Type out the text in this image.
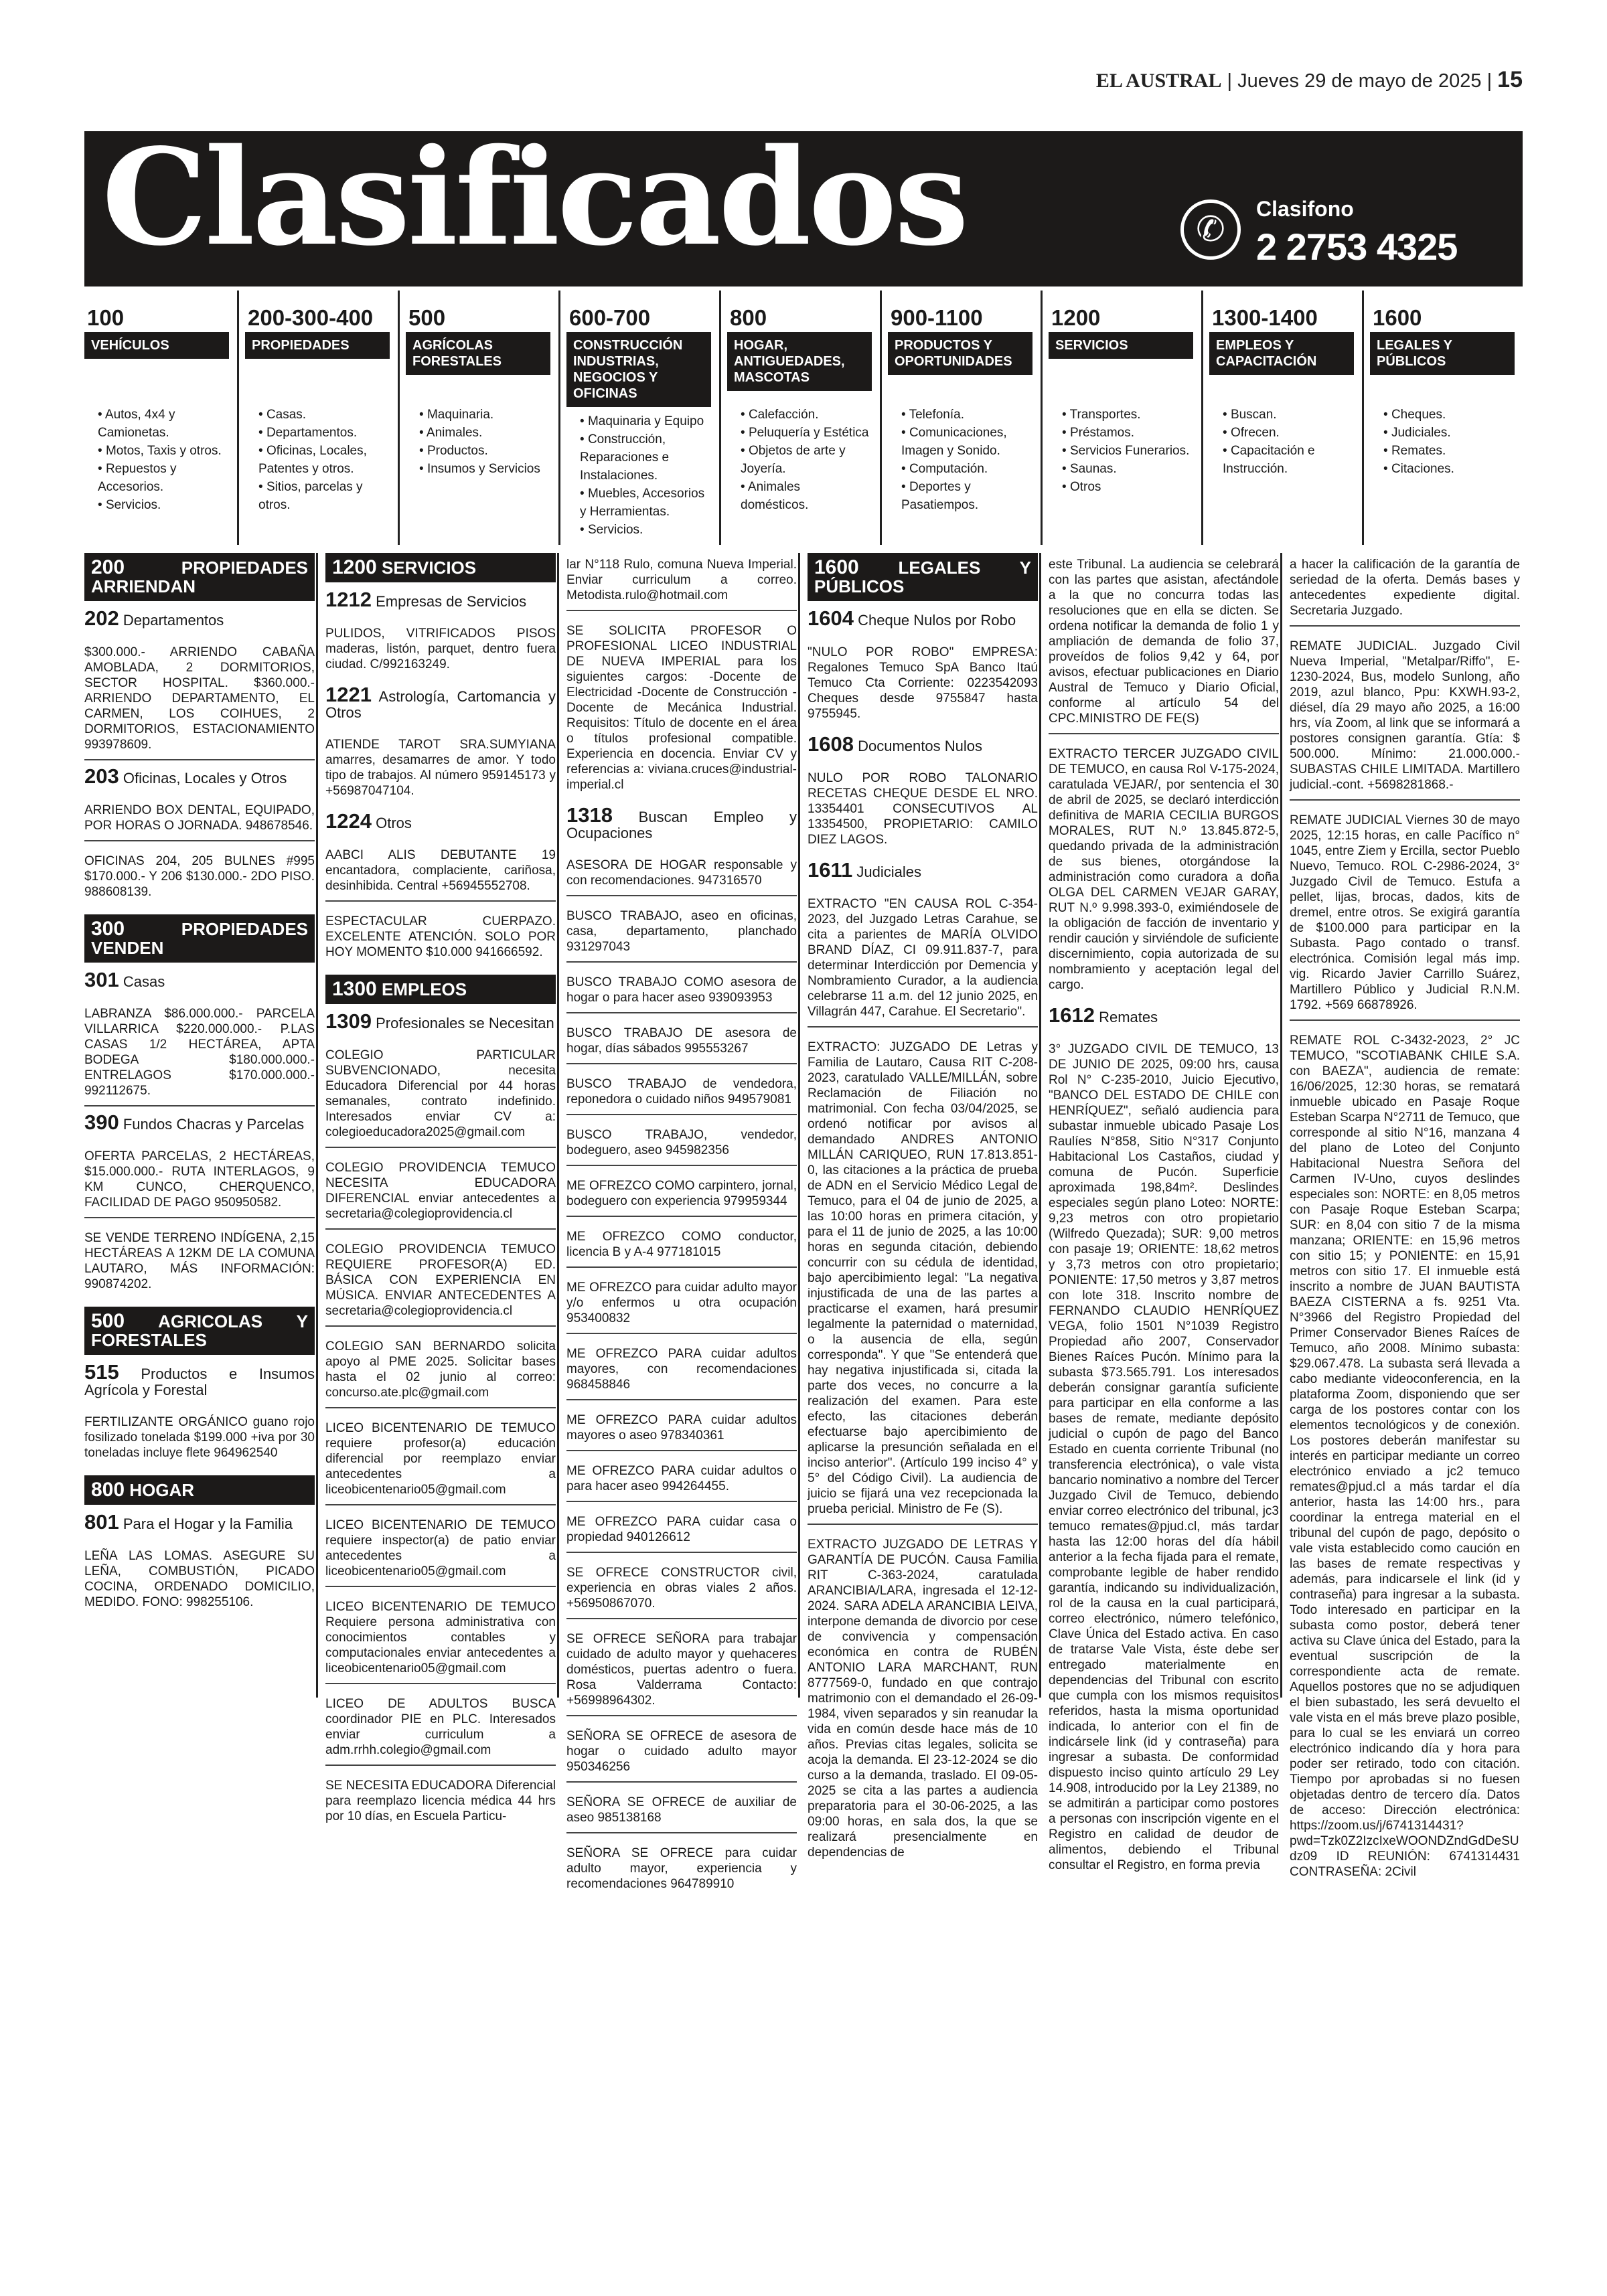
EL AUSTRAL | Jueves 29 de mayo de 2025 | 15
Clasificados	✆
Clasifono
2 2753 4325
100
VEHÍCULOS
• Autos, 4x4 y Camionetas.
• Motos, Taxis y otros.
• Repuestos y Accesorios.
• Servicios.
200-300-400
PROPIEDADES
• Casas.
• Departamentos.
• Oficinas, Locales, Patentes y otros.
• Sitios, parcelas y otros.
500
AGRÍCOLAS FORESTALES
• Maquinaria.
• Animales.
• Productos.
• Insumos y Servicios
600-700
CONSTRUCCIÓN INDUSTRIAS, NEGOCIOS Y OFICINAS
• Maquinaria y Equipo
• Construcción, Reparaciones e Instalaciones.
• Muebles, Accesorios y Herramientas.
• Servicios.
800
HOGAR, ANTIGUEDADES, MASCOTAS
• Calefacción.
• Peluquería y Estética
• Objetos de arte y Joyería.
• Animales domésticos.
900-1100
PRODUCTOS Y OPORTUNIDADES
• Telefonía.
• Comunicaciones, Imagen y Sonido.
• Computación.
• Deportes y Pasatiempos.
1200
SERVICIOS
• Transportes.
• Préstamos.
• Servicios Funerarios.
• Saunas.
• Otros
1300-1400
EMPLEOS Y CAPACITACIÓN
• Buscan.
• Ofrecen.
• Capacitación e Instrucción.
1600
LEGALES Y PÚBLICOS
• Cheques.
• Judiciales.
• Remates.
• Citaciones.
200	PROPIEDADES ARRIENDAN
202 Departamentos
$300.000.- ARRIENDO CABAÑA AMOBLADA, 2 DORMITORIOS, SECTOR HOSPITAL. $360.000.- ARRIENDO DEPARTAMENTO, EL CARMEN, LOS COIHUES, 2 DORMITORIOS, ESTACIONAMIENTO 993978609.
203 Oficinas, Locales y Otros
ARRIENDO BOX DENTAL, EQUIPADO, POR HORAS O JORNADA. 948678546.
OFICINAS 204, 205 BULNES #995 $170.000.- Y 206 $130.000.- 2DO PISO. 988608139.
300	PROPIEDADES VENDEN
301 Casas
LABRANZA $86.000.000.- PARCELA VILLARRICA $220.000.000.- P.LAS CASAS 1/2 HECTÁREA, APTA BODEGA $180.000.000.- ENTRELAGOS $170.000.000.- 992112675.
390 Fundos Chacras y Parcelas
OFERTA PARCELAS, 2 HECTÁREAS, $15.000.000.- RUTA INTERLAGOS, 9 KM CUNCO, CHERQUENCO, FACILIDAD DE PAGO 950950582.
SE VENDE TERRENO INDÍGENA, 2,15 HECTÁREAS A 12KM DE LA COMUNA LAUTARO, MÁS INFORMACIÓN: 990874202.
500 AGRICOLAS Y FORESTALES
515 Productos e Insumos Agrícola y Forestal
FERTILIZANTE ORGÁNICO guano rojo fosilizado tonelada $199.000 +iva por 30 toneladas incluye flete 964962540
800 HOGAR
801 Para el Hogar y la Familia
LEÑA LAS LOMAS. ASEGURE SU LEÑA, COMBUSTIÓN, PICADO COCINA, ORDENADO DOMICILIO, MEDIDO. FONO: 998255106.
1200 SERVICIOS
1212 Empresas de Servicios
PULIDOS, VITRIFICADOS PISOS maderas, listón, parquet, dentro fuera ciudad. C/992163249.
1221 Astrología, Cartomancia y Otros
ATIENDE TAROT SRA.SUMYIANA amarres, desamarres de amor. Y todo tipo de trabajos. Al número 959145173 y +56987047104.
1224 Otros
AABCI ALIS DEBUTANTE 19 encantadora, complaciente, cariñosa, desinhibida. Central +56945552708.
ESPECTACULAR CUERPAZO. EXCELENTE ATENCIÓN. SOLO POR HOY MOMENTO $10.000 941666592.
1300 EMPLEOS
1309 Profesionales se Necesitan
COLEGIO PARTICULAR SUBVENCIONADO, necesita Educadora Diferencial por 44 horas semanales, contrato indefinido. Interesados enviar CV a: colegioeducadora2025@gmail.com
COLEGIO PROVIDENCIA TEMUCO NECESITA EDUCADORA DIFERENCIAL enviar antecedentes a secretaria@colegioprovidencia.cl
COLEGIO PROVIDENCIA TEMUCO REQUIERE PROFESOR(A) ED. BÁSICA CON EXPERIENCIA EN MÚSICA. ENVIAR ANTECEDENTES A secretaria@colegioprovidencia.cl
COLEGIO SAN BERNARDO solicita apoyo al PME 2025. Solicitar bases hasta el 02 junio al correo: concurso.ate.plc@gmail.com
LICEO BICENTENARIO DE TEMUCO requiere profesor(a) educación diferencial por reemplazo enviar antecedentes a liceobicentenario05@gmail.com
LICEO BICENTENARIO DE TEMUCO requiere inspector(a) de patio enviar antecedentes a liceobicentenario05@gmail.com
LICEO BICENTENARIO DE TEMUCO Requiere persona administrativa con conocimientos contables y computacionales enviar antecedentes a liceobicentenario05@gmail.com
LICEO DE ADULTOS BUSCA coordinador PIE en PLC. Interesados enviar curriculum a adm.rrhh.colegio@gmail.com
SE NECESITA EDUCADORA Diferencial para reemplazo licencia médica 44 hrs por 10 días, en Escuela Particu-
lar N°118 Rulo, comuna Nueva Imperial. Enviar curriculum a correo. Metodista.rulo@hotmail.com
SE SOLICITA PROFESOR O PROFESIONAL LICEO INDUSTRIAL DE NUEVA IMPERIAL para los siguientes cargos: -Docente de Electricidad -Docente de Construcción -Docente de Mecánica Industrial. Requisitos: Título de docente en el área o títulos profesional compatible. Experiencia en docencia. Enviar CV y referencias a: viviana.cruces@industrial-imperial.cl
1318 Buscan Empleo y Ocupaciones
ASESORA DE HOGAR responsable y con recomendaciones. 947316570
BUSCO TRABAJO, aseo en oficinas, casa, departamento, planchado 931297043
BUSCO TRABAJO COMO asesora de hogar o para hacer aseo 939093953
BUSCO TRABAJO DE asesora de hogar, días sábados 995553267
BUSCO TRABAJO de vendedora, reponedora o cuidado niños 949579081
BUSCO TRABAJO, vendedor, bodeguero, aseo 945982356
ME OFREZCO COMO carpintero, jornal, bodeguero con experiencia 979959344
ME OFREZCO COMO conductor, licencia B y A-4 977181015
ME OFREZCO para cuidar adulto mayor y/o enfermos u otra ocupación 953400832
ME OFREZCO PARA cuidar adultos mayores, con recomendaciones 968458846
ME OFREZCO PARA cuidar adultos mayores o aseo 978340361
ME OFREZCO PARA cuidar adultos o para hacer aseo 994264455.
ME OFREZCO PARA cuidar casa o propiedad 940126612
SE OFRECE CONSTRUCTOR civil, experiencia en obras viales 2 años. +56950867070.
SE OFRECE SEÑORA para trabajar cuidado de adulto mayor y quehaceres domésticos, puertas adentro o fuera. Rosa Valderrama Contacto: +56998964302.
SEÑORA SE OFRECE de asesora de hogar o cuidado adulto mayor 950346256
SEÑORA SE OFRECE de auxiliar de aseo 985138168
SEÑORA SE OFRECE para cuidar adulto mayor, experiencia y recomendaciones 964789910
1600 LEGALES Y PÚBLICOS
1604 Cheque Nulos por Robo
"NULO POR ROBO" EMPRESA: Regalones Temuco SpA Banco Itaú Temuco Cta Corriente: 0223542093 Cheques desde 9755847 hasta 9755945.
1608 Documentos Nulos
NULO POR ROBO TALONARIO RECETAS CHEQUE DESDE EL NRO. 13354401 CONSECUTIVOS AL 13354500, PROPIETARIO: CAMILO DIEZ LAGOS.
1611 Judiciales
EXTRACTO "EN CAUSA ROL C-354-2023, del Juzgado Letras Carahue, se cita a parientes de MARÍA OLVIDO BRAND DÍAZ, CI 09.911.837-7, para determinar Interdicción por Demencia y Nombramiento Curador, a la audiencia celebrarse 11 a.m. del 12 junio 2025, en Villagrán 447, Carahue. El Secretario".
EXTRACTO: JUZGADO DE Letras y Familia de Lautaro, Causa RIT C-208-2023, caratulado VALLE/MILLÁN, sobre Reclamación de Filiación no matrimonial. Con fecha 03/04/2025, se ordenó notificar por avisos al demandado ANDRES ANTONIO MILLÁN CARIQUEO, RUN 17.813.851-0, las citaciones a la práctica de prueba de ADN en el Servicio Médico Legal de Temuco, para el 04 de junio de 2025, a las 10:00 horas en primera citación, y para el 11 de junio de 2025, a las 10:00 horas en segunda citación, debiendo concurrir con su cédula de identidad, bajo apercibimiento legal: "La negativa injustificada de una de las partes a practicarse el examen, hará presumir legalmente la paternidad o maternidad, o la ausencia de ella, según corresponda". Y que "Se entenderá que hay negativa injustificada si, citada la parte dos veces, no concurre a la realización del examen. Para este efecto, las citaciones deberán efectuarse bajo apercibimiento de aplicarse la presunción señalada en el inciso anterior". (Artículo 199 inciso 4° y 5° del Código Civil). La audiencia de juicio se fijará una vez recepcionada la prueba pericial. Ministro de Fe (S).
EXTRACTO JUZGADO DE LETRAS Y GARANTÍA DE PUCÓN. Causa Familia RIT C-363-2024, caratulada ARANCIBIA/LARA, ingresada el 12-12-2024. SARA ADELA ARANCIBIA LEIVA, interpone demanda de divorcio por cese de convivencia y compensación económica en contra de RUBÉN ANTONIO LARA MARCHANT, RUN 8777569-0, fundado en que contrajo matrimonio con el demandado el 26-09-1984, viven separados y sin reanudar la vida en común desde hace más de 10 años. Previas citas legales, solicita se acoja la demanda. El 23-12-2024 se dio curso a la demanda, traslado. El 09-05-2025 se cita a las partes a audiencia preparatoria para el 30-06-2025, a las 09:00 horas, en sala dos, la que se realizará presencialmente en dependencias de
este Tribunal. La audiencia se celebrará con las partes que asistan, afectándole a la que no concurra todas las resoluciones que en ella se dicten. Se ordena notificar la demanda de folio 1 y ampliación de demanda de folio 37, proveídos de folios 9,42 y 64, por avisos, efectuar publicaciones en Diario Austral de Temuco y Diario Oficial, conforme al artículo 54 del CPC.MINISTRO DE FE(S)
EXTRACTO TERCER JUZGADO CIVIL DE TEMUCO, en causa Rol V-175-2024, caratulada VEJAR/, por sentencia el 30 de abril de 2025, se declaró interdicción definitiva de MARIA CECILIA BURGOS MORALES, RUT N.º 13.845.872-5, quedando privada de la administración de sus bienes, otorgándose la administración como curadora a doña OLGA DEL CARMEN VEJAR GARAY, RUT N.º 9.998.393-0, eximiéndosele de la obligación de facción de inventario y rendir caución y sirviéndole de suficiente discernimiento, copia autorizada de su nombramiento y aceptación legal del cargo.
1612 Remates
3° JUZGADO CIVIL DE TEMUCO, 13 DE JUNIO DE 2025, 09:00 hrs, causa Rol N° C-235-2010, Juicio Ejecutivo, "BANCO DEL ESTADO DE CHILE con HENRÍQUEZ", señaló audiencia para subastar inmueble ubicado Pasaje Los Raulíes N°858, Sitio N°317 Conjunto Habitacional Los Castaños, ciudad y comuna de Pucón. Superficie aproximada 198,84m². Deslindes especiales según plano Loteo: NORTE: 9,23 metros con otro propietario (Wilfredo Quezada); SUR: 9,00 metros con pasaje 19; ORIENTE: 18,62 metros y 3,73 metros con otro propietario; PONIENTE: 17,50 metros y 3,87 metros con lote 318. Inscrito nombre de FERNANDO CLAUDIO HENRÍQUEZ VEGA, folio 1501 N°1039 Registro Propiedad año 2007, Conservador Bienes Raíces Pucón. Mínimo para la subasta $73.565.791. Los interesados deberán consignar garantía suficiente para participar en ella conforme a las bases de remate, mediante depósito judicial o cupón de pago del Banco Estado en cuenta corriente Tribunal (no transferencia electrónica), o vale vista bancario nominativo a nombre del Tercer Juzgado Civil de Temuco, debiendo enviar correo electrónico del tribunal, jc3 temuco remates@pjud.cl, más tardar hasta las 12:00 horas del día hábil anterior a la fecha fijada para el remate, comprobante legible de haber rendido garantía, indicando su individualización, rol de la causa en la cual participará, correo electrónico, número telefónico, Clave Única del Estado activa. En caso de tratarse Vale Vista, éste debe ser entregado materialmente en dependencias del Tribunal con escrito que cumpla con los mismos requisitos referidos, hasta la misma oportunidad indicada, lo anterior con el fin de indicársele link (id y contraseña) para ingresar a subasta. De conformidad dispuesto inciso quinto artículo 29 Ley 14.908, introducido por la Ley 21389, no se admitirán a participar como postores a personas con inscripción vigente en el Registro en calidad de deudor de alimentos, debiendo el Tribunal consultar el Registro, en forma previa
a hacer la calificación de la garantía de seriedad de la oferta. Demás bases y antecedentes expediente digital. Secretaria Juzgado.
REMATE JUDICIAL. Juzgado Civil Nueva Imperial, "Metalpar/Riffo", E-1230-2024, Bus, modelo Sunlong, año 2019, azul blanco, Ppu: KXWH.93-2, diésel, día 29 mayo año 2025, a 16:00 hrs, vía Zoom, al link que se informará a postores consignen garantía. Gtía: $ 500.000. Mínimo: 21.000.000.- SUBASTAS CHILE LIMITADA. Martillero judicial.-cont. +5698281868.-
REMATE JUDICIAL Viernes 30 de mayo 2025, 12:15 horas, en calle Pacífico n° 1045, entre Ziem y Ercilla, sector Pueblo Nuevo, Temuco. ROL C-2986-2024, 3° Juzgado Civil de Temuco. Estufa a pellet, lijas, brocas, dados, kits de dremel, entre otros. Se exigirá garantía de $100.000 para participar en la Subasta. Pago contado o transf. electrónica. Comisión legal más imp. vig. Ricardo Javier Carrillo Suárez, Martillero Público y Judicial R.N.M. 1792. +569 66878926.
REMATE ROL C-3432-2023, 2° JC TEMUCO, "SCOTIABANK CHILE S.A. con BAEZA", audiencia de remate: 16/06/2025, 12:30 horas, se rematará inmueble ubicado en Pasaje Roque Esteban Scarpa N°2711 de Temuco, que corresponde al sitio N°16, manzana 4 del plano de Loteo del Conjunto Habitacional Nuestra Señora del Carmen IV-Uno, cuyos deslindes especiales son: NORTE: en 8,05 metros con Pasaje Roque Esteban Scarpa; SUR: en 8,04 con sitio 7 de la misma manzana; ORIENTE: en 15,96 metros con sitio 15; y PONIENTE: en 15,91 metros con sitio 17. El inmueble está inscrito a nombre de JUAN BAUTISTA BAEZA CISTERNA a fs. 9251 Vta. N°3966 del Registro Propiedad del Primer Conservador Bienes Raíces de Temuco, año 2008. Mínimo subasta: $29.067.478. La subasta será llevada a cabo mediante videoconferencia, en la plataforma Zoom, disponiendo que ser carga de los postores contar con los elementos tecnológicos y de conexión. Los postores deberán manifestar su interés en participar mediante un correo electrónico enviado a jc2 temuco remates@pjud.cl a más tardar el día anterior, hasta las 14:00 hrs., para coordinar la entrega material en el tribunal del cupón de pago, depósito o vale vista establecido como caución en las bases de remate respectivas y además, para indicarsele el link (id y contraseña) para ingresar a la subasta. Todo interesado en participar en la subasta como postor, deberá tener activa su Clave única del Estado, para la eventual suscripción de la correspondiente acta de remate. Aquellos postores que no se adjudiquen el bien subastado, les será devuelto el vale vista en el más breve plazo posible, para lo cual se les enviará un correo electrónico indicando día y hora para poder ser retirado, todo con citación. Tiempo por aprobadas si no fuesen objetadas dentro de tercero día. Datos de acceso: Dirección electrónica: https://zoom.us/j/6741314431?pwd=Tzk0Z2IzcIxeWOONDZndGdDeSUdz09 ID REUNIÓN: 6741314431 CONTRASEÑA: 2Civil
